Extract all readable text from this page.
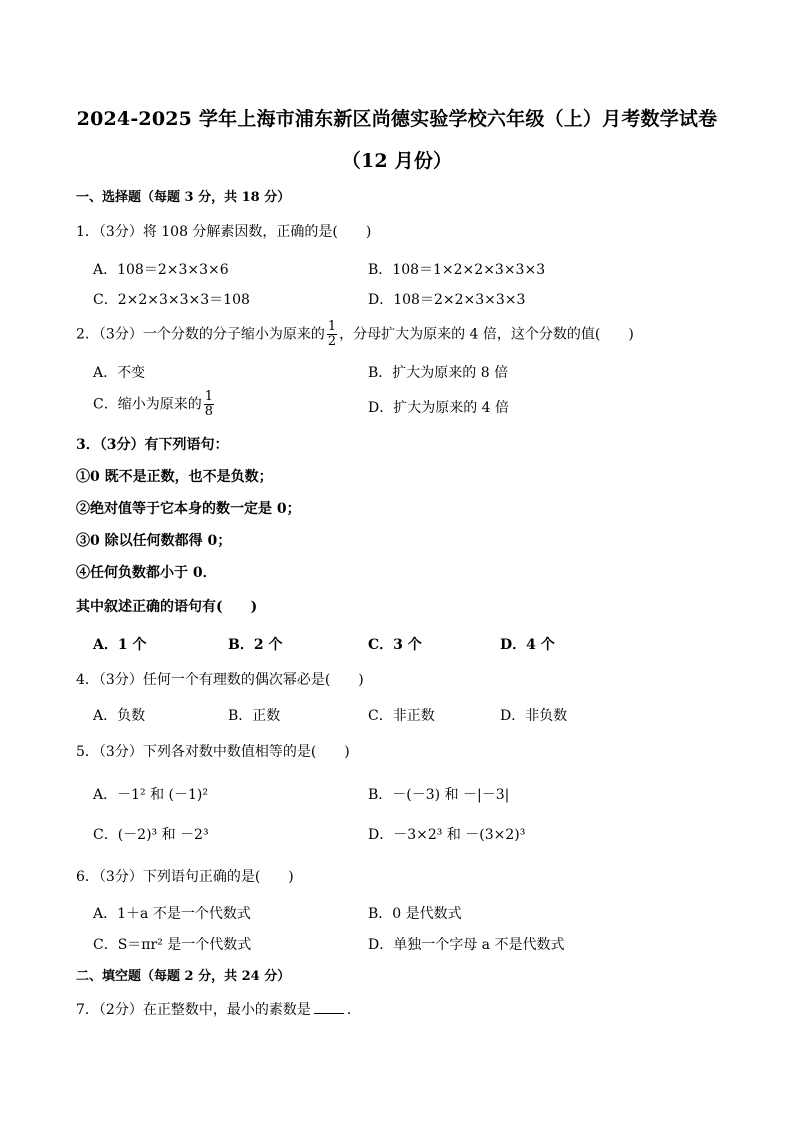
2024-2025 学年上海市浦东新区尚德实验学校六年级（上）月考数学试卷
（12 月份）
一、选择题（每题 3 分，共 18 分）
1．（3分）将 108 分解素因数，正确的是(　　)
A．108＝2×3×3×6	B．108＝1×2×2×3×3×3
C．2×2×3×3×3＝108	D．108＝2×2×3×3×3
2．（3分）一个分数的分子缩小为原来的 $\frac{1}{2}$ ，分母扩大为原来的 4 倍，这个分数的值(　　)
A．不变	B．扩大为原来的 8 倍
C．缩小为原来的 $\frac{1}{8}$	D．扩大为原来的 4 倍
3．（3分）有下列语句：
①0 既不是正数，也不是负数；
②绝对值等于它本身的数一定是 0；
③0 除以任何数都得 0；
④任何负数都小于 0．
其中叙述正确的语句有(　　)
A．1 个	B．2 个	C．3 个	D．4 个
4．（3分）任何一个有理数的偶次幂必是(　　)
A．负数	B．正数	C．非正数	D．非负数
5．（3分）下列各对数中数值相等的是(　　)
A．－1² 和 (－1)²	B．－(－3) 和 －|－3|
C．(－2)³ 和 －2³	D．－3×2³ 和 －(3×2)³
6．（3分）下列语句正确的是(　　)
A．1＋a 不是一个代数式	B．0 是代数式
C．S＝πr² 是一个代数式	D．单独一个字母 a 不是代数式
二、填空题（每题 2 分，共 24 分）
7．（2分）在正整数中，最小的素数是	．
